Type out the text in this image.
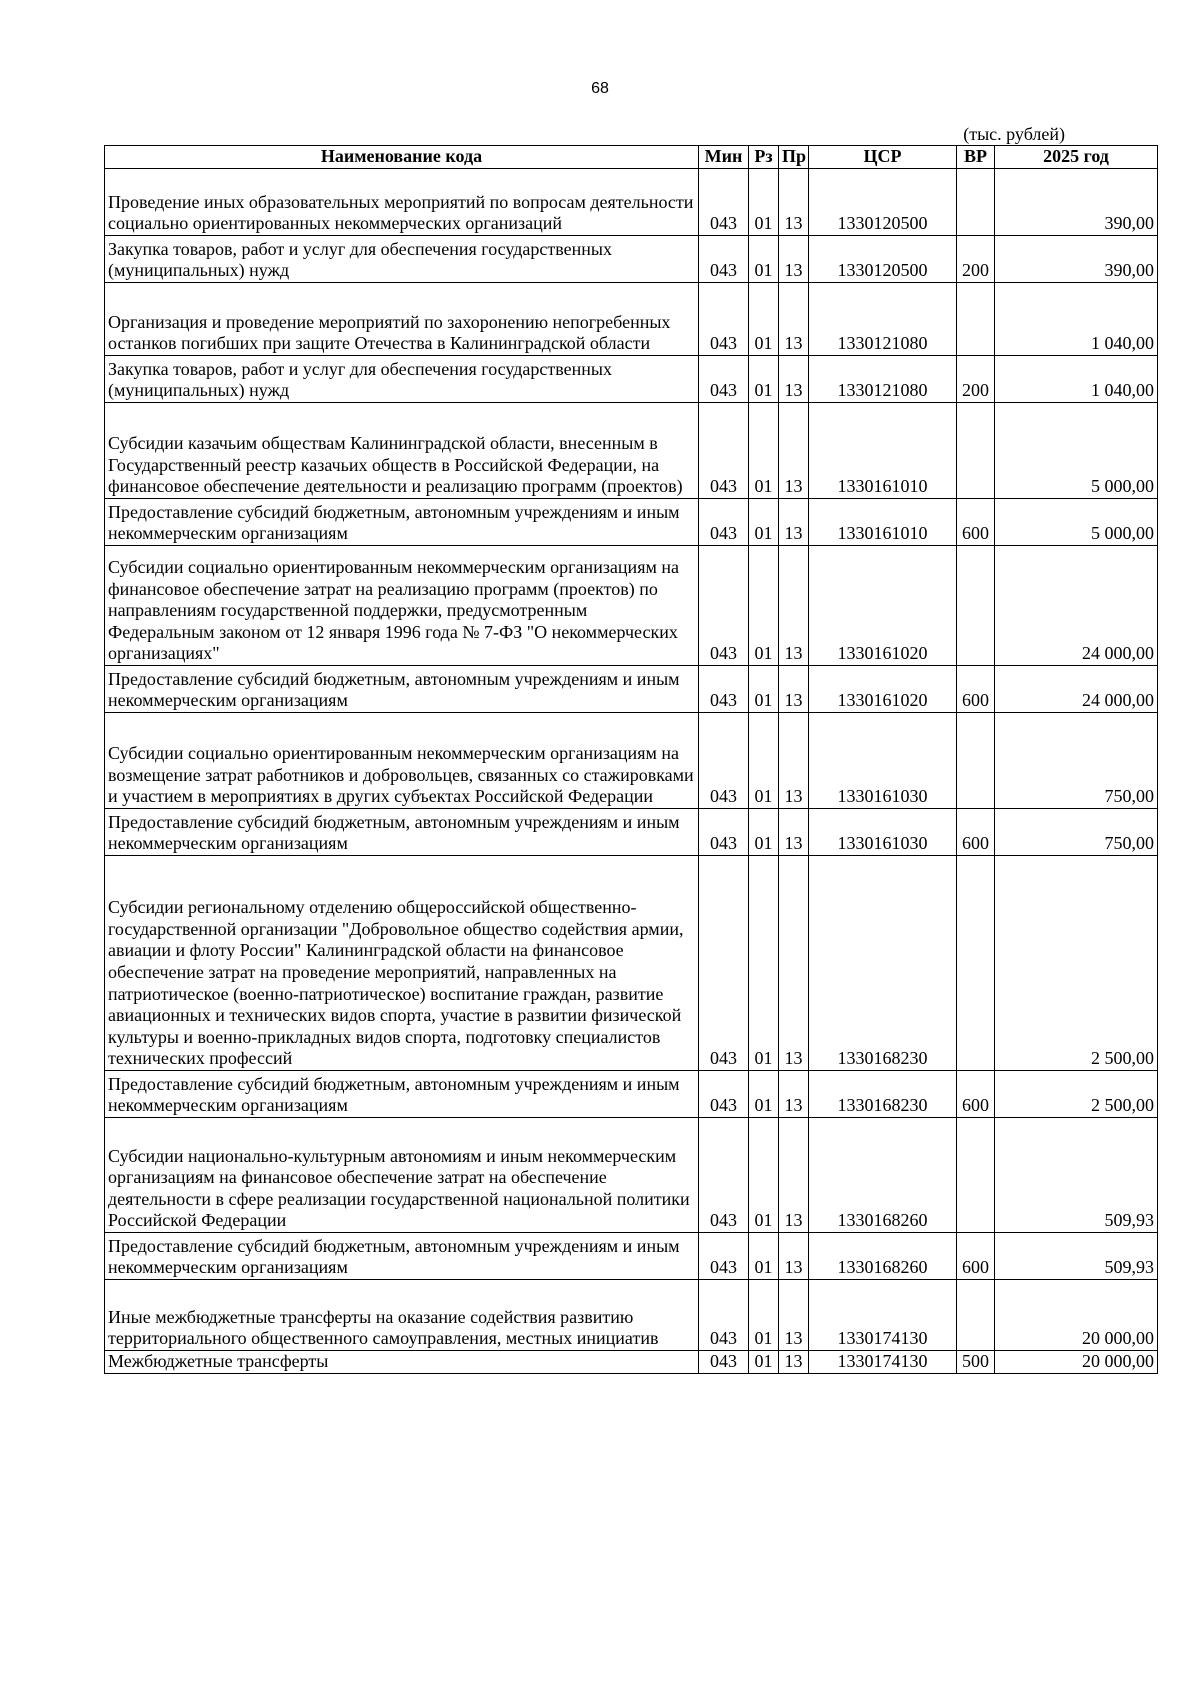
68
(тыс. рублей)
Наименование кода	Мин	Рз	Пр	ЦСР	ВР	2025 год
Проведение иных образовательных мероприятий по вопросам деятельности социально ориентированных некоммерческих организаций	043	01	13	1330120500		390,00
Закупка товаров, работ и услуг для обеспечения государственных (муниципальных) нужд	043	01	13	1330120500	200	390,00
Организация и проведение мероприятий по захоронению непогребенных останков погибших при защите Отечества в Калининградской области	043	01	13	1330121080		1 040,00
Закупка товаров, работ и услуг для обеспечения государственных (муниципальных) нужд	043	01	13	1330121080	200	1 040,00
Субсидии казачьим обществам Калининградской области, внесенным в Государственный реестр казачьих обществ в Российской Федерации, на финансовое обеспечение деятельности и реализацию программ (проектов)	043	01	13	1330161010		5 000,00
Предоставление субсидий бюджетным, автономным учреждениям и иным некоммерческим организациям	043	01	13	1330161010	600	5 000,00
Субсидии социально ориентированным некоммерческим организациям на финансовое обеспечение затрат на реализацию программ (проектов) по направлениям государственной поддержки, предусмотренным Федеральным законом от 12 января 1996 года № 7-ФЗ "О некоммерческих организациях"	043	01	13	1330161020		24 000,00
Предоставление субсидий бюджетным, автономным учреждениям и иным некоммерческим организациям	043	01	13	1330161020	600	24 000,00
Субсидии социально ориентированным некоммерческим организациям на возмещение затрат работников и добровольцев, связанных со стажировками и участием в мероприятиях в других субъектах Российской Федерации	043	01	13	1330161030		750,00
Предоставление субсидий бюджетным, автономным учреждениям и иным некоммерческим организациям	043	01	13	1330161030	600	750,00
Субсидии региональному отделению общероссийской общественно-государственной организации "Добровольное общество содействия армии, авиации и флоту России" Калининградской области на финансовое обеспечение затрат на проведение мероприятий, направленных на патриотическое (военно-патриотическое) воспитание граждан, развитие авиационных и технических видов спорта, участие в развитии физической культуры и военно-прикладных видов спорта, подготовку специалистов технических профессий	043	01	13	1330168230		2 500,00
Предоставление субсидий бюджетным, автономным учреждениям и иным некоммерческим организациям	043	01	13	1330168230	600	2 500,00
Субсидии национально-культурным автономиям и иным некоммерческим организациям на финансовое обеспечение затрат на обеспечение деятельности в сфере реализации государственной национальной политики Российской Федерации	043	01	13	1330168260		509,93
Предоставление субсидий бюджетным, автономным учреждениям и иным некоммерческим организациям	043	01	13	1330168260	600	509,93
Иные межбюджетные трансферты на оказание содействия развитию территориального общественного самоуправления, местных инициатив	043	01	13	1330174130		20 000,00
Межбюджетные трансферты	043	01	13	1330174130	500	20 000,00
